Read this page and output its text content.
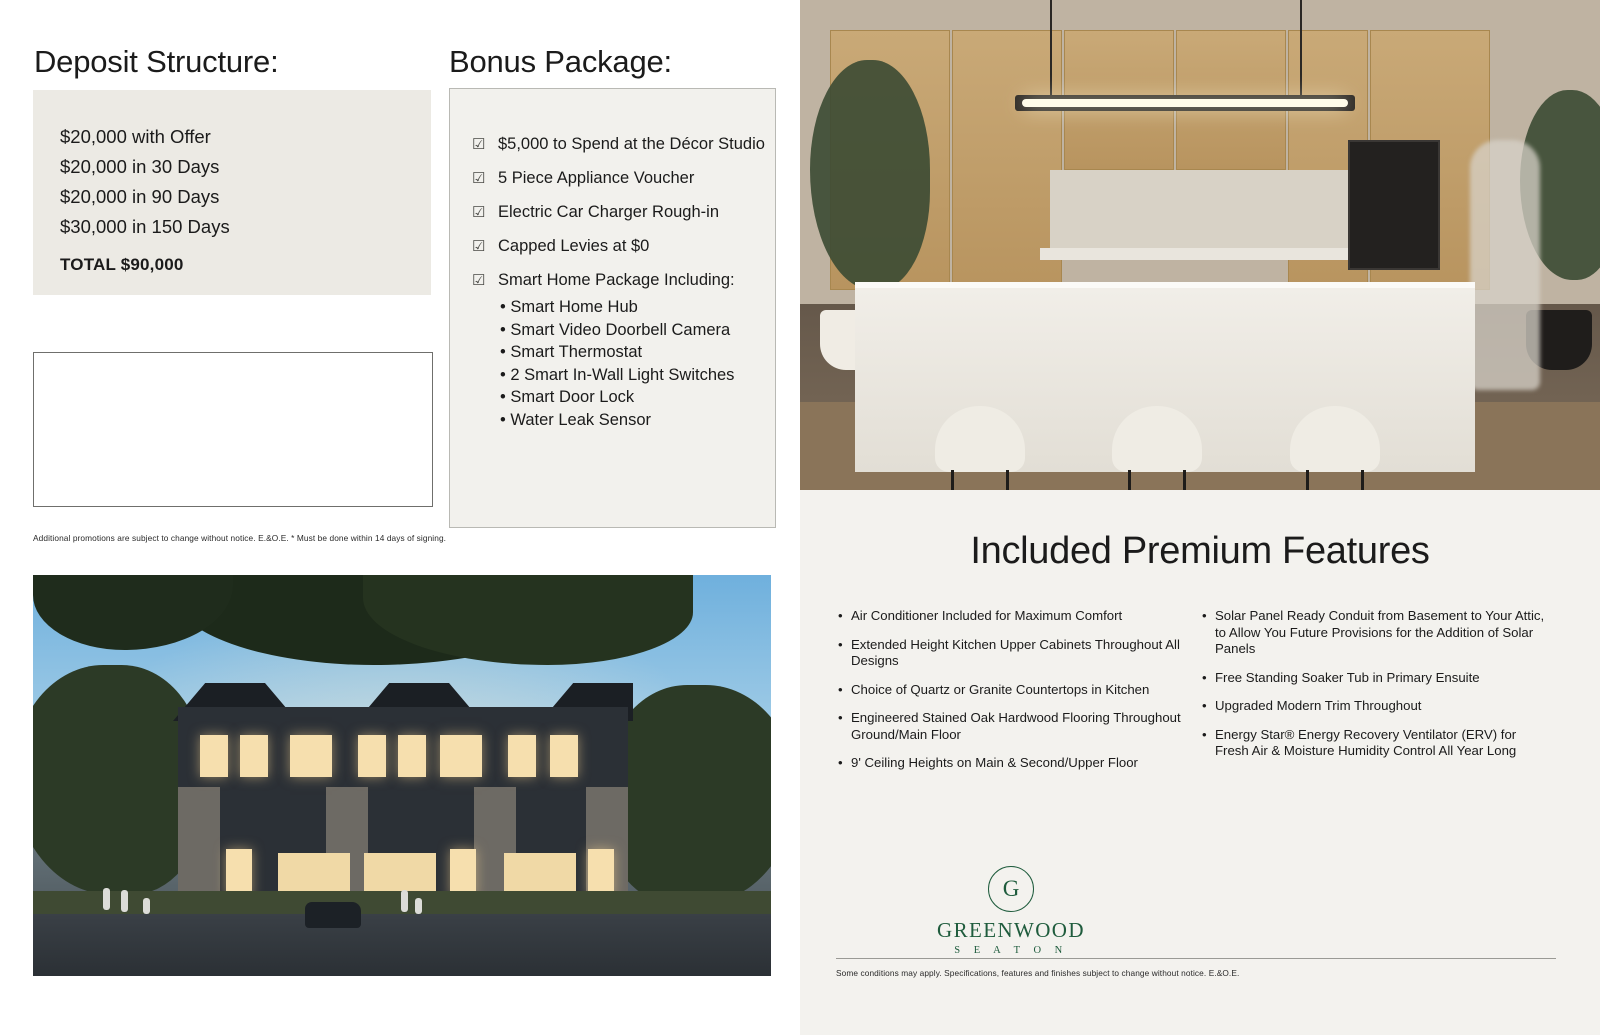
Deposit Structure:
$20,000 with Offer
$20,000 in 30 Days
$20,000 in 90 Days
$30,000 in 150 Days
TOTAL $90,000
Bonus Package:
☑ $5,000 to Spend at the Décor Studio
☑ 5 Piece Appliance Voucher
☑ Electric Car Charger Rough-in
☑ Capped Levies at $0
☑ Smart Home Package Including:
• Smart Home Hub
• Smart Video Doorbell Camera
• Smart Thermostat
• 2 Smart In-Wall Light Switches
• Smart Door Lock
• Water Leak Sensor
Additional promotions are subject to change without notice. E.&O.E. * Must be done within 14 days of signing.	Included Premium Features
• Air Conditioner Included for Maximum Comfort
• Extended Height Kitchen Upper Cabinets Throughout All Designs
• Choice of Quartz or Granite Countertops in Kitchen
• Engineered Stained Oak Hardwood Flooring Throughout Ground/Main Floor
• 9' Ceiling Heights on Main & Second/Upper Floor
• Solar Panel Ready Conduit from Basement to Your Attic, to Allow You Future Provisions for the Addition of Solar Panels
• Free Standing Soaker Tub in Primary Ensuite
• Upgraded Modern Trim Throughout
• Energy Star® Energy Recovery Ventilator (ERV) for Fresh Air & Moisture Humidity Control All Year Long
G
GREENWOOD
S E A T O N
Some conditions may apply. Specifications, features and finishes subject to change without notice. E.&O.E.
